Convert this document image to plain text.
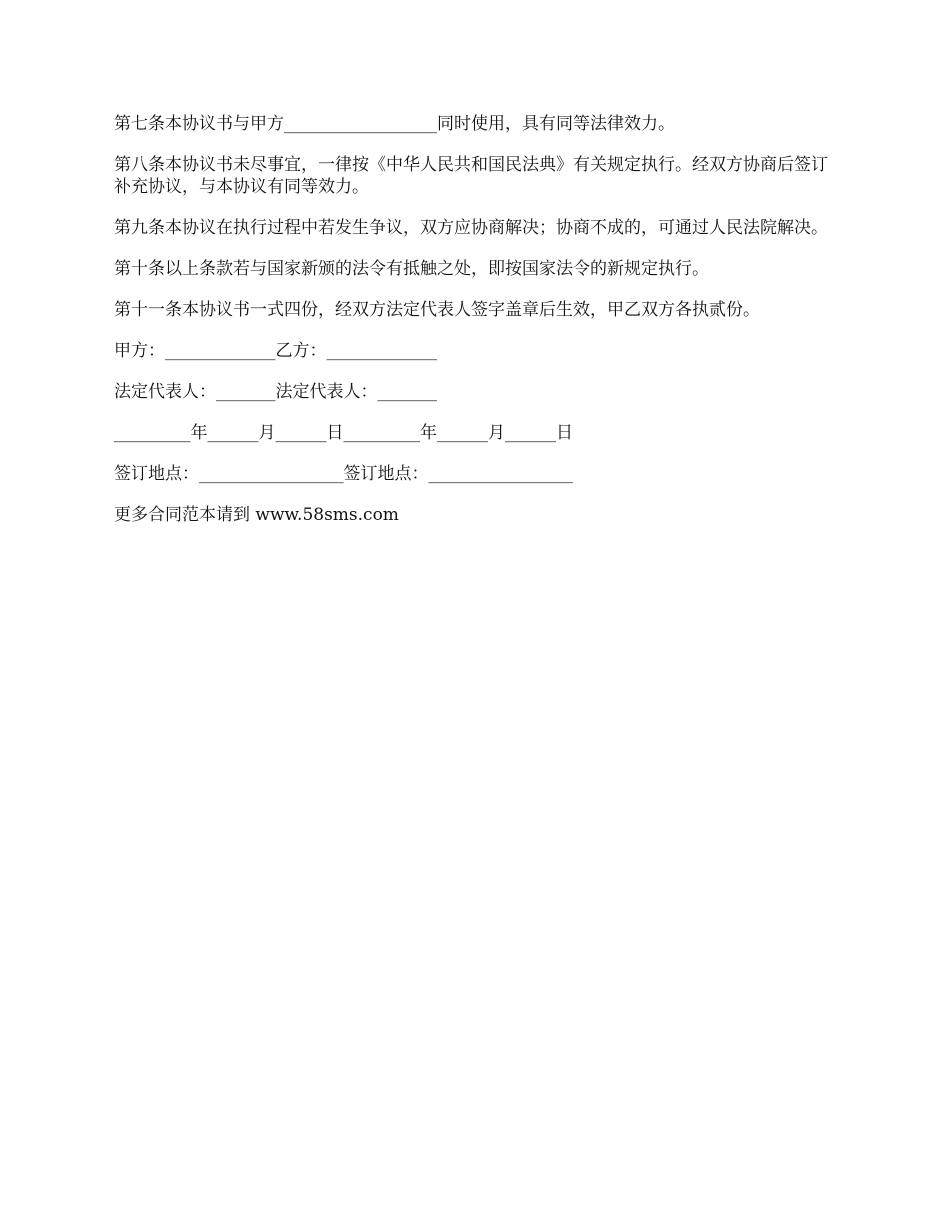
第七条本协议书与甲方__________________同时使用，具有同等法律效力。

第八条本协议书未尽事宜，一律按《中华人民共和国民法典》有关规定执行。经双方协商后签订补充协议，与本协议有同等效力。

第九条本协议在执行过程中若发生争议，双方应协商解决；协商不成的，可通过人民法院解决。

第十条以上条款若与国家新颁的法令有抵触之处，即按国家法令的新规定执行。

第十一条本协议书一式四份，经双方法定代表人签字盖章后生效，甲乙双方各执贰份。

甲方：_____________乙方：_____________

法定代表人：_______法定代表人：_______

_________年______月______日_________年______月______日

签订地点：_________________签订地点：_________________

更多合同范本请到 www.58sms.com
